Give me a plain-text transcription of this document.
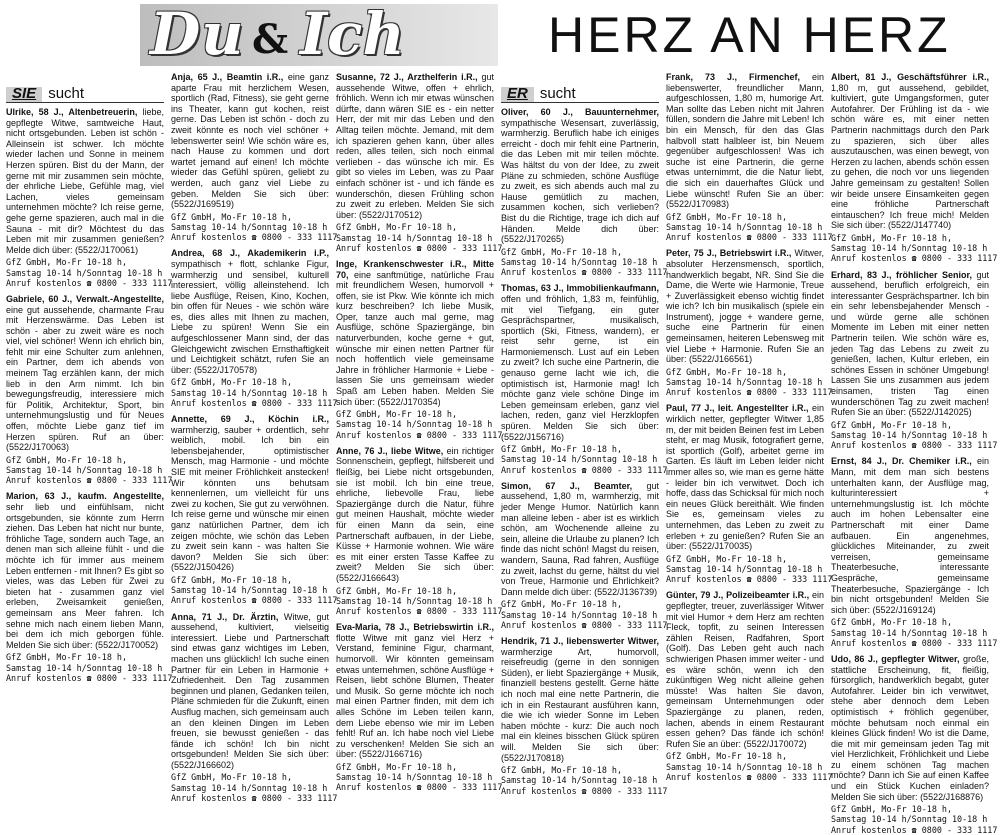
Du & Ich	HERZ AN HERZ
SIE sucht

Ulrike, 58 J., Altenbetreuerin, liebe, gepflegte Witwe, samtweiche Haut, nicht ortsgebunden. Leben ist schön - Alleinsein ist schwer. Ich möchte wieder lachen und Sonne in meinem Herzen spüren. Bist du der Mann, der gerne mit mir zusammen sein möchte, der ehrliche Liebe, Gefühle mag, viel Lachen, vieles gemeinsam unternehmen möchte? Ich reise gerne, gehe gerne spazieren, auch mal in die Sauna - mit dir? Möchtest du das Leben mit mir zusammen genießen? Melde dich über: (5522/J170061)

GfZ GmbH, Mo-Fr 10-18 h,
Samstag 10-14 h/Sonntag 10-18 h
Anruf kostenlos ☎ 0800 - 333 1117

Gabriele, 60 J., Verwalt.-Angestellte, eine gut aussehende, charmante Frau mit Herzenswärme. Das Leben ist schön - aber zu zweit wäre es noch viel, viel schöner! Wenn ich ehrlich bin, fehlt mir eine Schulter zum anlehnen, ein Partner, dem ich abends von meinem Tag erzählen kann, der mich lieb in den Arm nimmt. Ich bin bewegungsfreudig, interessiere mich für Politik, Architektur, Sport, bin unternehmungslustig und für Neues offen, möchte Liebe ganz tief im Herzen spüren. Ruf an über: (5522/J170063)

GfZ GmbH, Mo-Fr 10-18 h,
Samstag 10-14 h/Sonntag 10-18 h
Anruf kostenlos ☎ 0800 - 333 1117

Marion, 63 J., kaufm. Angestellte, sehr lieb und einfühlsam, nicht ortsgebunden, sie könnte zum Herrn ziehen. Das Leben hat nicht nur bunte, fröhliche Tage, sondern auch Tage, an denen man sich alleine fühlt - und die möchte ich für immer aus meinem Leben entfernen - mit Ihnen? Es gibt so vieles, was das Leben für Zwei zu bieten hat - zusammen ganz viel erleben, Zweisamkeit genießen, gemeinsam ans Meer fahren. Ich sehne mich nach einem lieben Mann, bei dem ich mich geborgen fühle. Melden Sie sich über: (5522/J170052)

GfZ GmbH, Mo-Fr 10-18 h,
Samstag 10-14 h/Sonntag 10-18 h
Anruf kostenlos ☎ 0800 - 333 1117

Anja, 65 J., Beamtin i.R., eine ganz aparte Frau mit herzlichem Wesen, sportlich (Rad, Fitness), sie geht gerne ins Theater, kann gut kochen, reist gerne. Das Leben ist schön - doch zu zweit könnte es noch viel schöner + lebenswerter sein! Wie schön wäre es, nach Hause zu kommen und dort wartet jemand auf einen! Ich möchte wieder das Gefühl spüren, geliebt zu werden, auch ganz viel Liebe zu geben. Melden Sie sich über: (5522/J169519)

GfZ GmbH, Mo-Fr 10-18 h,
Samstag 10-14 h/Sonntag 10-18 h
Anruf kostenlos ☎ 0800 - 333 1117

Andrea, 68 J., Akademikerin i.P., sympathisch + flott, schlanke Figur, warmherzig und sensibel, kulturell interessiert, völlig alleinstehend. Ich liebe Ausflüge, Reisen, Kino, Kochen, bin offen für Neues - wie schön wäre es, dies alles mit Ihnen zu machen, Liebe zu spüren! Wenn Sie ein aufgeschlossener Mann sind, der das Gleichgewicht zwischen Ernsthaftigkeit und Leichtigkeit schätzt, rufen Sie an über: (5522/J170578)

GfZ GmbH, Mo-Fr 10-18 h,
Samstag 10-14 h/Sonntag 10-18 h
Anruf kostenlos ☎ 0800 - 333 1117

Annette, 69 J., Köchin i.R., warmherzig, sauber + ordentlich, sehr weiblich, mobil. Ich bin ein lebensbejahender, optimistischer Mensch, mag Harmonie - und möchte SIE mit meiner Fröhlichkeit anstecken! Wir könnten uns behutsam kennenlernen, um vielleicht für uns zwei zu kochen, Sie gut zu verwöhnen. Ich reise gerne und wünsche mir einen ganz natürlichen Partner, dem ich zeigen möchte, wie schön das Leben zu zweit sein kann - was halten Sie davon? Melden Sie sich über: (5522/J150426)

GfZ GmbH, Mo-Fr 10-18 h,
Samstag 10-14 h/Sonntag 10-18 h
Anruf kostenlos ☎ 0800 - 333 1117

Anna, 71 J., Dr. Ärztin, Witwe, gut aussehend, kultiviert, vielseitig interessiert. Liebe und Partnerschaft sind etwas ganz wichtiges im Leben, machen uns glücklich! Ich suche einen Partner für ein Leben in Harmonie + Zufriedenheit. Den Tag zusammen beginnen und planen, Gedanken teilen, Pläne schmieden für die Zukunft, einen Ausflug machen, sich gemeinsam auch an den kleinen Dingen im Leben freuen, sie bewusst genießen - das fände ich schön! Ich bin nicht ortsgebunden! Melden Sie sich über: (5522/J166602)

GfZ GmbH, Mo-Fr 10-18 h,
Samstag 10-14 h/Sonntag 10-18 h
Anruf kostenlos ☎ 0800 - 333 1117

Susanne, 72 J., Arzthelferin i.R., gut aussehende Witwe, offen + ehrlich, fröhlich. Wenn ich mir etwas wünschen dürfte, dann wären SIE es - ein netter Herr, der mit mir das Leben und den Alltag teilen möchte. Jemand, mit dem ich spazieren gehen kann, über alles reden, alles teilen, sich noch einmal verlieben - das wünsche ich mir. Es gibt so vieles im Leben, was zu Paar einfach schöner ist - und ich fände es wunderschön, diesen Frühling schon zu zweit zu erleben. Melden Sie sich über: (5522/J170512)

GfZ GmbH, Mo-Fr 10-18 h,
Samstag 10-14 h/Sonntag 10-18 h
Anruf kostenlos ☎ 0800 - 333 1117

Inge, Krankenschwester i.R., Mitte 70, eine sanftmütige, natürliche Frau mit freundlichem Wesen, humorvoll + offen, sie ist Pkw. Wie könnte ich mich kurz beschreiben? Ich liebe Musik, Oper, tanze auch mal gerne, mag Ausflüge, schöne Spaziergänge, bin naturverbunden, koche gerne + gut, wünsche mir einen netten Partner für noch hoffentlich viele gemeinsame Jahre in fröhlicher Harmonie + Liebe - lassen Sie uns gemeinsam wieder Spaß am Leben haben. Melden Sie sich über: (5522/J170354)

GfZ GmbH, Mo-Fr 10-18 h,
Samstag 10-14 h/Sonntag 10-18 h
Anruf kostenlos ☎ 0800 - 333 1117

Anne, 76 J., liebe Witwe, ein richtiger Sonnenschein, gepflegt, hilfsbereit und fleißig, bei Liebe nicht ortsgebunden, sie ist mobil. Ich bin eine treue, ehrliche, liebevolle Frau, liebe Spaziergänge durch die Natur, führe gut meinen Haushalt, möchte wieder für einen Mann da sein, eine Partnerschaft aufbauen, in der Liebe, Küsse + Harmonie wohnen. Wie wäre es mit einer ersten Tasse Kaffee zu zweit? Melden Sie sich über: (5522/J166643)

GfZ GmbH, Mo-Fr 10-18 h,
Samstag 10-14 h/Sonntag 10-18 h
Anruf kostenlos ☎ 0800 - 333 1117

Eva-Maria, 78 J., Betriebswirtin i.R., flotte Witwe mit ganz viel Herz + Verstand, feminine Figur, charmant, humorvoll. Wir könnten gemeinsam etwas unternehmen, schöne Ausflüge + Reisen, liebt schöne Blumen, Theater und Musik. So gerne möchte ich noch mal einen Partner finden, mit dem ich alles Schöne im Leben teilen kann, dem Liebe ebenso wie mir im Leben fehlt! Ruf an. Ich habe noch viel Liebe zu verschenken! Melden Sie sich an über: (5522/J166716)

GfZ GmbH, Mo-Fr 10-18 h,
Samstag 10-14 h/Sonntag 10-18 h
Anruf kostenlos ☎ 0800 - 333 1117
ER sucht

Oliver, 60 J., Bauunternehmer, sympathische Wesensart, zuverlässig, warmherzig. Beruflich habe ich einiges erreicht - doch mir fehlt eine Partnerin, die das Leben mit mir teilen möchte. Was hältst du von der Idee, zu zweit Pläne zu schmieden, schöne Ausflüge zu zweit, es sich abends auch mal zu Hause gemütlich zu machen, zusammen kochen, sich verlieben? Bist du die Richtige, trage ich dich auf Händen. Melde dich über: (5522/J170265)

GfZ GmbH, Mo-Fr 10-18 h,
Samstag 10-14 h/Sonntag 10-18 h
Anruf kostenlos ☎ 0800 - 333 1117

Thomas, 63 J., Immobilienkaufmann, offen und fröhlich, 1,83 m, feinfühlig, mit viel Tiefgang, ein guter Gesprächspartner, musikalisch, sportlich (Ski, Fitness, wandern), er reist sehr gerne, ist ein Harmoniemensch. Lust auf ein Leben zu zweit? Ich suche eine Partnerin, die genauso gerne lacht wie ich, die optimistisch ist, Harmonie mag! Ich möchte ganz viele schöne Dinge im Leben gemeinsam erleben, ganz viel lachen, reden, ganz viel Herzklopfen spüren. Melden Sie sich über: (5522/J156716)

GfZ GmbH, Mo-Fr 10-18 h,
Samstag 10-14 h/Sonntag 10-18 h
Anruf kostenlos ☎ 0800 - 333 1117

Simon, 67 J., Beamter, gut aussehend, 1,80 m, warmherzig, mit jeder Menge Humor. Natürlich kann man alleine leben - aber ist es wirklich schön, am Wochenende alleine zu sein, alleine die Urlaube zu planen? Ich finde das nicht schön! Magst du reisen, wandern, Sauna, Rad fahren, Ausflüge zu zweit, lachst du gerne, hältst du viel von Treue, Harmonie und Ehrlichkeit? Dann melde dich über: (5522/J136739)

GfZ GmbH, Mo-Fr 10-18 h,
Samstag 10-14 h/Sonntag 10-18 h
Anruf kostenlos ☎ 0800 - 333 1117

Hendrik, 71 J., liebenswerter Witwer, warmherzige Art, humorvoll, reisefreudig (gerne in den sonnigen Süden), er liebt Spaziergänge + Musik, finanziell bestens gestellt. Gerne hätte ich noch mal eine nette Partnerin, die ich in ein Restaurant ausführen kann, die wie ich wieder Sonne im Leben haben möchte - kurz: Die auch noch mal ein kleines bisschen Glück spüren will. Melden Sie sich über: (5522/J170818)

GfZ GmbH, Mo-Fr 10-18 h,
Samstag 10-14 h/Sonntag 10-18 h
Anruf kostenlos ☎ 0800 - 333 1117

Frank, 73 J., Firmenchef, ein liebenswerter, freundlicher Mann, aufgeschlossen, 1,80 m, humorige Art. Man sollte das Leben nicht mit Jahren füllen, sondern die Jahre mit Leben! Ich bin ein Mensch, für den das Glas halbvoll statt halbleer ist, bin Neuem gegenüber aufgeschlossen! Was ich suche ist eine Partnerin, die gerne etwas unternimmt, die die Natur liebt, die sich ein dauerhaftes Glück und Liebe wünscht! Rufen Sie an über: (5522/J170983)

GfZ GmbH, Mo-Fr 10-18 h,
Samstag 10-14 h/Sonntag 10-18 h
Anruf kostenlos ☎ 0800 - 333 1117

Peter, 75 J., Betriebswirt i.R., Witwer, absoluter Herzensmensch, sportlich, handwerklich begabt, NR. Sind Sie die Dame, die Werte wie Harmonie, Treue + Zuverlässigkeit ebenso wichtig findet wie ich? Ich bin musikalisch (spiele ein Instrument), jogge + wandere gerne, suche eine Partnerin für einen gemeinsamen, heiteren Lebensweg mit viel Liebe + Harmonie. Rufen Sie an über: (5522/J166561)

GfZ GmbH, Mo-Fr 10-18 h,
Samstag 10-14 h/Sonntag 10-18 h
Anruf kostenlos ☎ 0800 - 333 1117

Paul, 77 J., leit. Angestellter i.R., ein wirklich netter, gepflegter Witwer 1,85 m, der mit beiden Beinen fest im Leben steht, er mag Musik, fotografiert gerne, ist sportlich (Golf), arbeitet gerne im Garten. Es läuft im Leben leider nicht immer alles so, wie man es gerne hätte - leider bin ich verwitwet. Doch ich hoffe, dass das Schicksal für mich noch ein neues Glück bereithält. Wie finden Sie es, gemeinsam vieles zu unternehmen, das Leben zu zweit zu erleben + zu genießen? Rufen Sie an über: (5522/J170035)

GfZ GmbH, Mo-Fr 10-18 h,
Samstag 10-14 h/Sonntag 10-18 h
Anruf kostenlos ☎ 0800 - 333 1117

Günter, 79 J., Polizeibeamter i.R., ein gepflegter, treuer, zuverlässiger Witwer mit viel Humor + dem Herz am rechten Fleck, topfit, zu seinen Interessen zählen Reisen, Radfahren, Sport (Golf). Das Leben geht auch nach schwierigen Phasen immer weiter - und es wäre schön, wenn ich den zukünftigen Weg nicht alleine gehen müsste! Was halten Sie davon, gemeinsam Unternehmungen oder Spaziergänge zu planen, reden, lachen, abends in einem Restaurant essen gehen? Das fände ich schön! Rufen Sie an über: (5522/J170072)

GfZ GmbH, Mo-Fr 10-18 h,
Samstag 10-14 h/Sonntag 10-18 h
Anruf kostenlos ☎ 0800 - 333 1117

Albert, 81 J., Geschäftsführer i.R., 1,80 m, gut aussehend, gebildet, kultiviert, gute Umgangsformen, guter Autofahrer. Der Frühling ist da - wie schön wäre es, mit einer netten Partnerin nachmittags durch den Park zu spazieren, sich über alles auszutauschen, was einen bewegt, von Herzen zu lachen, abends schön essen zu gehen, die noch vor uns liegenden Jahre gemeinsam zu gestalten! Sollen wir beide unsere Einsamkeiten gegen eine fröhliche Partnerschaft eintauschen? Ich freue mich! Melden Sie sich über: (5522/J147740)

GfZ GmbH, Mo-Fr 10-18 h,
Samstag 10-14 h/Sonntag 10-18 h
Anruf kostenlos ☎ 0800 - 333 1117

Erhard, 83 J., fröhlicher Senior, gut aussehend, beruflich erfolgreich, ein interessanter Gesprächspartner. Ich bin ein sehr lebensbejahender Mensch - und würde gerne alle schönen Momente im Leben mit einer netten Partnerin teilen. Wie schön wäre es, jeden Tag das Lebens zu zweit zu genießen, lachen, Kultur erleben, ein schönes Essen in schöner Umgebung! Lassen Sie uns zusammen aus jedem einsamen, tristen Tag einen wunderschönen Tag zu zweit machen! Rufen Sie an über: (5522/J142025)

GfZ GmbH, Mo-Fr 10-18 h,
Samstag 10-14 h/Sonntag 10-18 h
Anruf kostenlos ☎ 0800 - 333 1117

Ernst, 84 J., Dr. Chemiker i.R., ein Mann, mit dem man sich bestens unterhalten kann, der Ausflüge mag, kulturinteressiert + unternehmungslustig ist. Ich möchte auch im hohen Lebensalter eine Partnerschaft mit einer Dame aufbauen. Ein angenehmes, glückliches Miteinander, zu zweit verreisen, gemeinsame Theaterbesuche, interessante Gespräche, gemeinsame Theaterbesuche, Spaziergänge - Ich bin nicht ortsgebunden! Melden Sie sich über: (5522/J169124)

GfZ GmbH, Mo-Fr 10-18 h,
Samstag 10-14 h/Sonntag 10-18 h
Anruf kostenlos ☎ 0800 - 333 1117

Udo, 86 J., gepflegter Witwer, große, stattliche Erscheinung, fit, fleißig, fürsorglich, handwerklich begabt, guter Autofahrer. Leider bin ich verwitwet, stehe aber dennoch dem Leben optimistisch + fröhlich gegenüber, möchte behutsam noch einmal ein kleines Glück finden! Wo ist die Dame, die mit mir gemeinsam jeden Tag mit viel Herzlichkeit, Fröhlichkeit und Liebe zu einem schönen Tag machen möchte? Dann ich Sie auf einen Kaffee und ein Stück Kuchen einladen? Melden Sie sich über: (5522/J168876)

GfZ GmbH, Mo-Fr 10-18 h,
Samstag 10-14 h/Sonntag 10-18 h
Anruf kostenlos ☎ 0800 - 333 1117
